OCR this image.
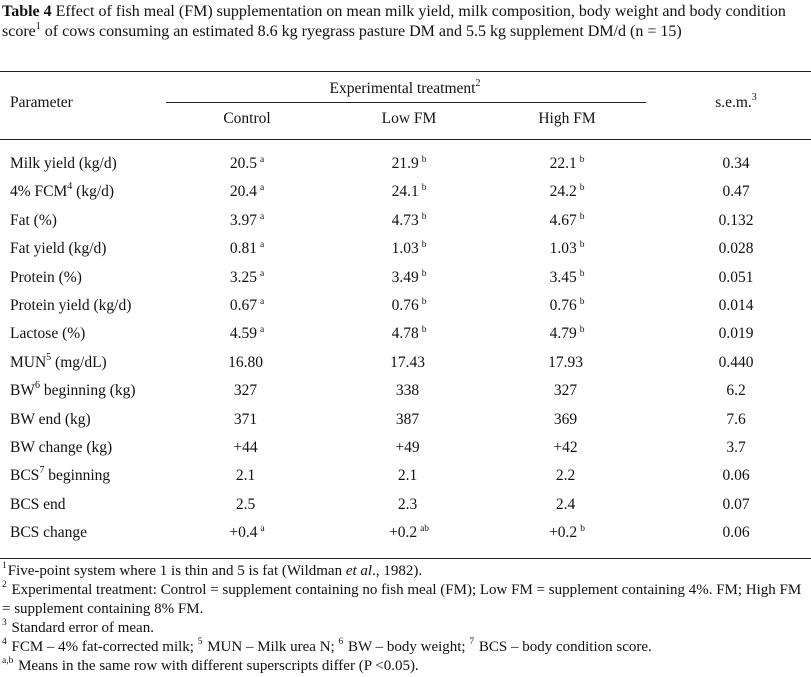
Table 4 Effect of fish meal (FM) supplementation on mean milk yield, milk composition, body weight and body condition score$^1$ of cows consuming an estimated 8.6 kg ryegrass pasture DM and 5.5 kg supplement DM/d (n = 15)
Parameter
Experimental treatment$^2$
Control	Low FM	High FM
s.e.m.$^3$
Milk yield (kg/d)	20.5 $^a$	21.9 $^b$	22.1 $^b$	0.34
4% FCM$^4$ (kg/d)	20.4 $^a$	24.1 $^b$	24.2 $^b$	0.47
Fat (%)	3.97 $^a$	4.73 $^b$	4.67 $^b$	0.132
Fat yield (kg/d)	0.81 $^a$	1.03 $^b$	1.03 $^b$	0.028
Protein (%)	3.25 $^a$	3.49 $^b$	3.45 $^b$	0.051
Protein yield (kg/d)	0.67 $^a$	0.76 $^b$	0.76 $^b$	0.014
Lactose (%)	4.59 $^a$	4.78 $^b$	4.79 $^b$	0.019
MUN$^5$ (mg/dL)	16.80	17.43	17.93	0.440
$BW^6$ beginning (kg)	327	338	327	6.2
BW end (kg)	371	387	369	7.6
BW change (kg)	+44	+49	+42	3.7
BCS$^7$ beginning	2.1	2.1	2.2	0.06
BCS end	2.5	2.3	2.4	0.07
BCS change	+0.4 $^a$	+0.2 $^{ab}$	+0.2 $^b$	0.06
$^1$Five-point system where 1 is thin and 5 is fat (Wildman et al., 1982).
$^2$ Experimental treatment: Control = supplement containing no fish meal (FM); Low FM = supplement containing 4%. FM; High FM = supplement containing 8% FM.
$^3$ Standard error of mean.
$^4$ FCM – 4% fat-corrected milk; $^5$ MUN – Milk urea N; $^6$ BW – body weight; $^7$ BCS – body condition score.
$^{a,b}$ Means in the same row with different superscripts differ (P <0.05).
